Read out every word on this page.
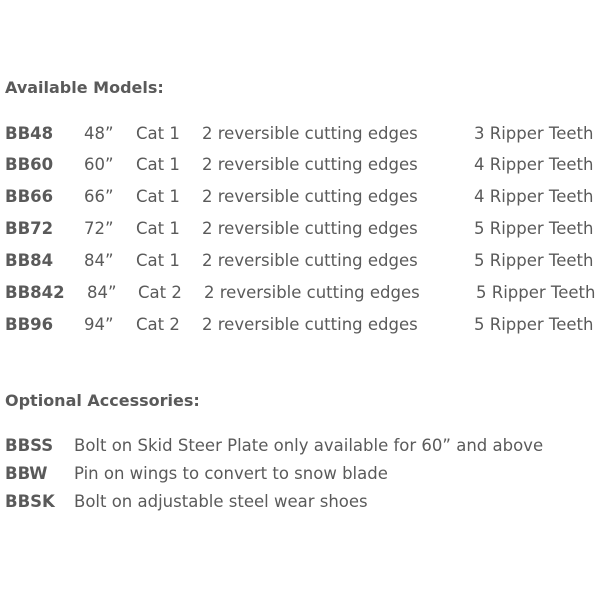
Available Models:
BB48 48” Cat 1 2 reversible cutting edges	3 Ripper Teeth
BB60 60” Cat 1 2 reversible cutting edges	4 Ripper Teeth
BB66 66” Cat 1 2 reversible cutting edges	4 Ripper Teeth
BB72 72” Cat 1 2 reversible cutting edges	5 Ripper Teeth
BB84 84” Cat 1 2 reversible cutting edges	5 Ripper Teeth
BB842 84” Cat 2 2 reversible cutting edges	5 Ripper Teeth
BB96 94” Cat 2 2 reversible cutting edges	5 Ripper Teeth
Optional Accessories:
BBSS Bolt on Skid Steer Plate only available for 60” and above
BBW Pin on wings to convert to snow blade
BBSK Bolt on adjustable steel wear shoes
